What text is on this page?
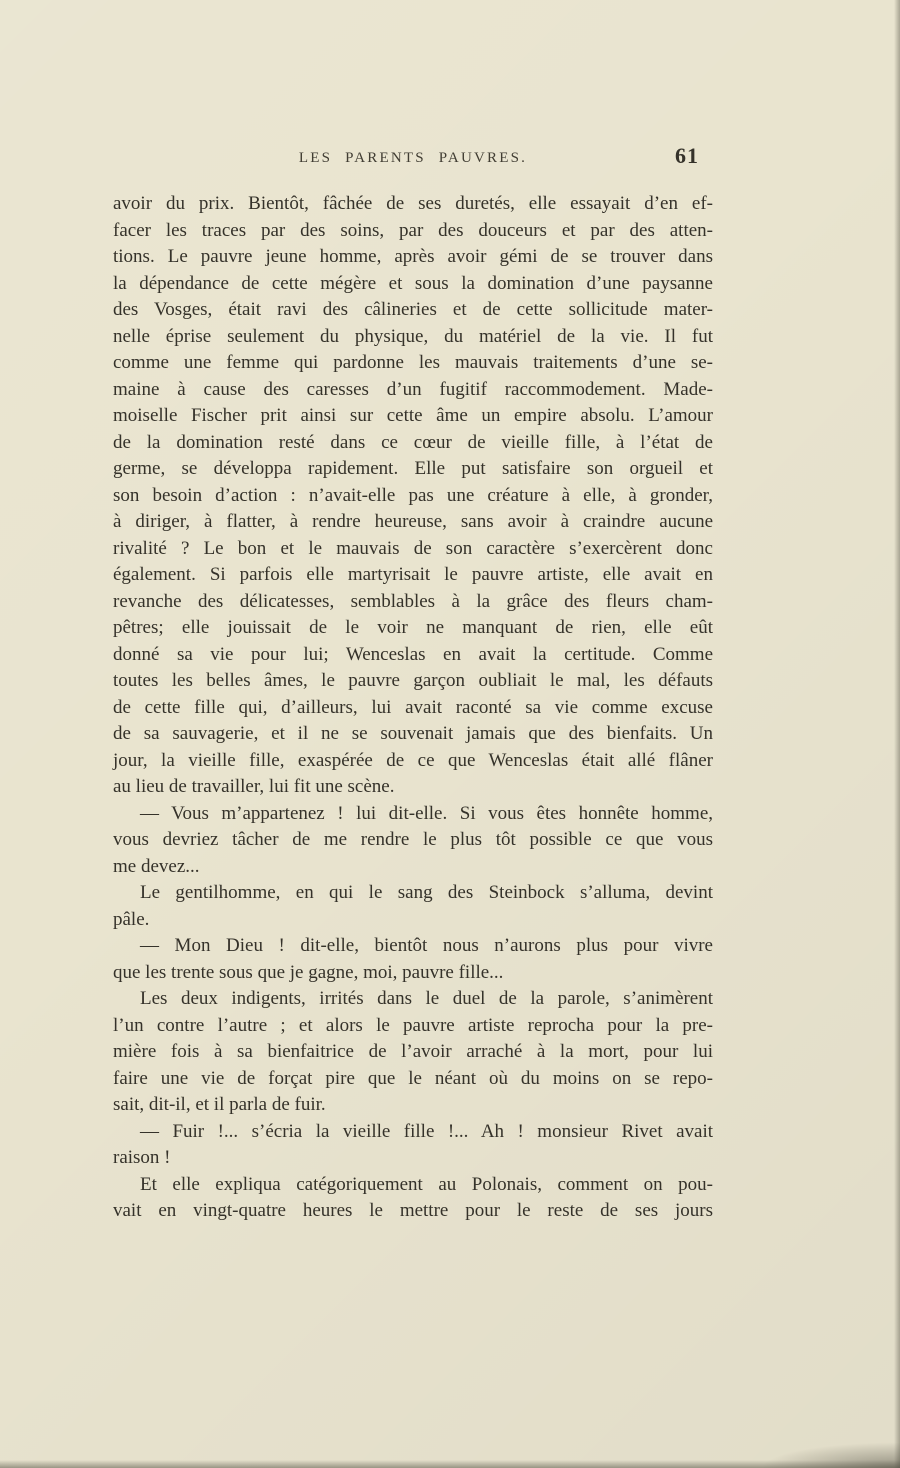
LES PARENTS PAUVRES.	61
avoir du prix. Bientôt, fâchée de ses duretés, elle essayait d’en ef-
facer les traces par des soins, par des douceurs et par des atten-
tions. Le pauvre jeune homme, après avoir gémi de se trouver dans
la dépendance de cette mégère et sous la domination d’une paysanne
des Vosges, était ravi des câlineries et de cette sollicitude mater-
nelle éprise seulement du physique, du matériel de la vie. Il fut
comme une femme qui pardonne les mauvais traitements d’une se-
maine à cause des caresses d’un fugitif raccommodement. Made-
moiselle Fischer prit ainsi sur cette âme un empire absolu. L’amour
de la domination resté dans ce cœur de vieille fille, à l’état de
germe, se développa rapidement. Elle put satisfaire son orgueil et
son besoin d’action : n’avait-elle pas une créature à elle, à gronder,
à diriger, à flatter, à rendre heureuse, sans avoir à craindre aucune
rivalité ? Le bon et le mauvais de son caractère s’exercèrent donc
également. Si parfois elle martyrisait le pauvre artiste, elle avait en
revanche des délicatesses, semblables à la grâce des fleurs cham-
pêtres; elle jouissait de le voir ne manquant de rien, elle eût
donné sa vie pour lui; Wenceslas en avait la certitude. Comme
toutes les belles âmes, le pauvre garçon oubliait le mal, les défauts
de cette fille qui, d’ailleurs, lui avait raconté sa vie comme excuse
de sa sauvagerie, et il ne se souvenait jamais que des bienfaits. Un
jour, la vieille fille, exaspérée de ce que Wenceslas était allé flâner
au lieu de travailler, lui fit une scène.
— Vous m’appartenez ! lui dit-elle. Si vous êtes honnête homme,
vous devriez tâcher de me rendre le plus tôt possible ce que vous
me devez...
Le gentilhomme, en qui le sang des Steinbock s’alluma, devint
pâle.
— Mon Dieu ! dit-elle, bientôt nous n’aurons plus pour vivre
que les trente sous que je gagne, moi, pauvre fille...
Les deux indigents, irrités dans le duel de la parole, s’animèrent
l’un contre l’autre ; et alors le pauvre artiste reprocha pour la pre-
mière fois à sa bienfaitrice de l’avoir arraché à la mort, pour lui
faire une vie de forçat pire que le néant où du moins on se repo-
sait, dit-il, et il parla de fuir.
— Fuir !... s’écria la vieille fille !... Ah ! monsieur Rivet avait
raison !
Et elle expliqua catégoriquement au Polonais, comment on pou-
vait en vingt-quatre heures le mettre pour le reste de ses jours
